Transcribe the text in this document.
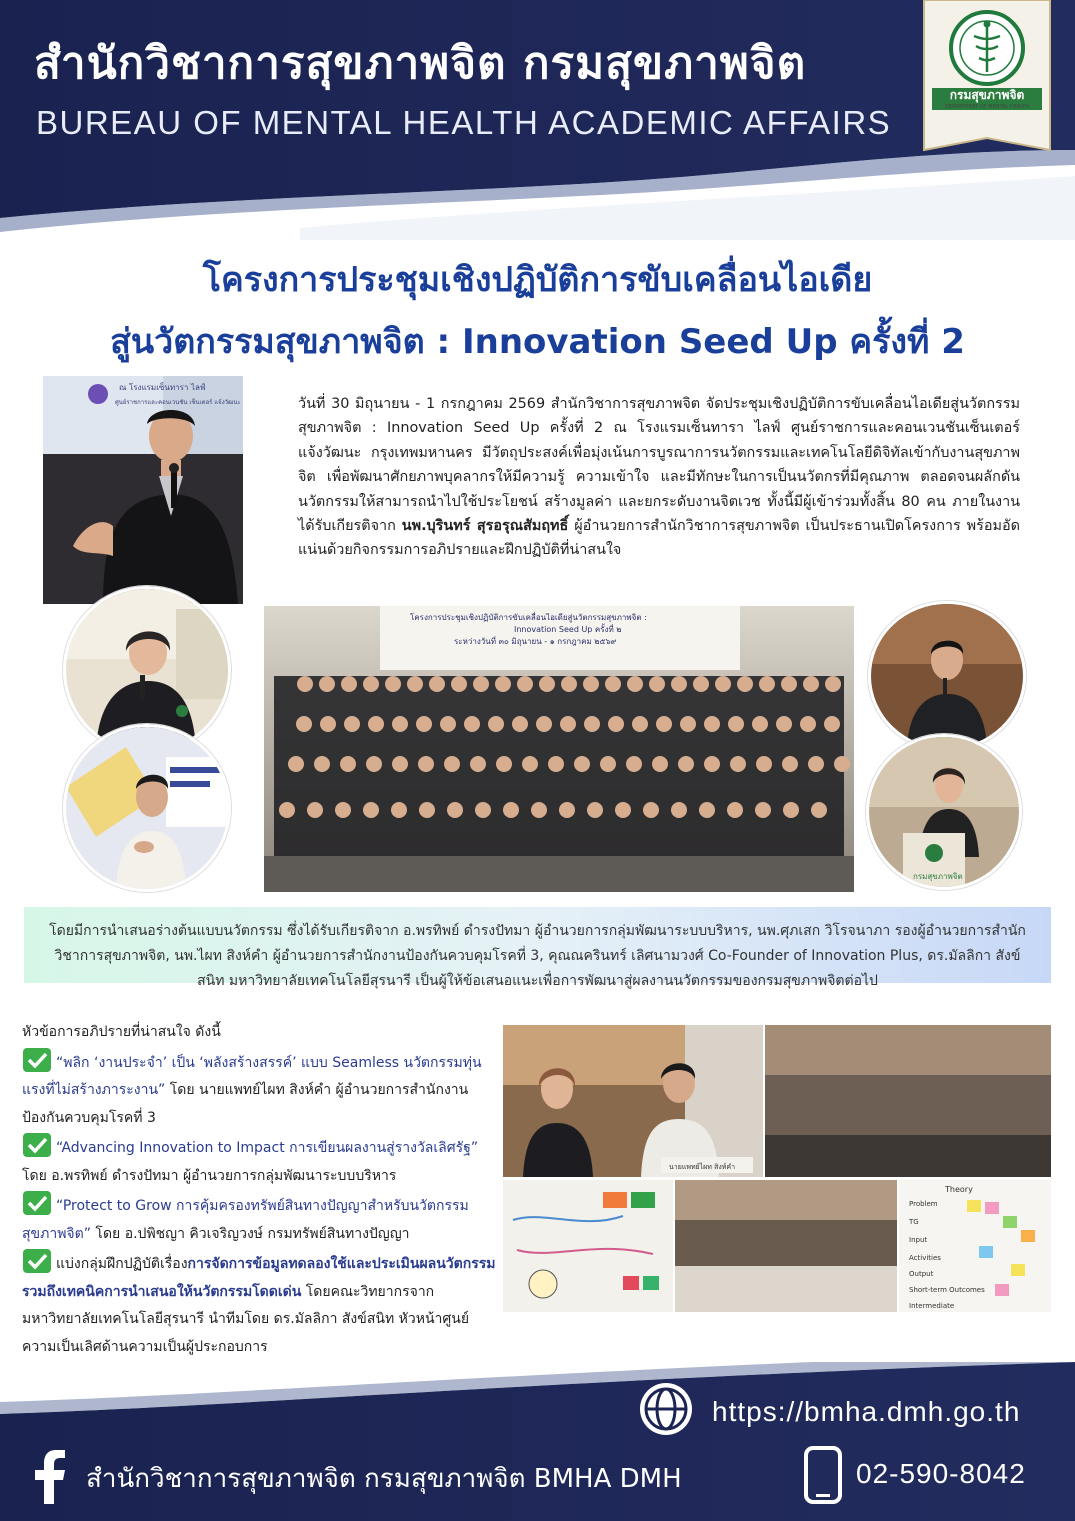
สำนักวิชาการสุขภาพจิต กรมสุขภาพจิต
BUREAU OF MENTAL HEALTH ACADEMIC AFFAIRS
กรมสุขภาพจิต
DEPARTMENT OF MENTAL HEALTH
โครงการประชุมเชิงปฏิบัติการขับเคลื่อนไอเดีย
สู่นวัตกรรมสุขภาพจิต : Innovation Seed Up ครั้งที่ 2
ณ โรงแรมเซ็นทารา ไลฟ์
ศูนย์ราชการและคอนเวนชัน เซ็นเตอร์ แจ้งวัฒนะ	วันที่ 30 มิถุนายน - 1 กรกฎาคม 2569 สำนักวิชาการสุขภาพจิต จัดประชุมเชิงปฏิบัติการขับเคลื่อนไอเดียสู่นวัตกรรมสุขภาพจิต : Innovation Seed Up ครั้งที่ 2 ณ โรงแรมเซ็นทารา ไลฟ์ ศูนย์ราชการและคอนเวนชันเซ็นเตอร์ แจ้งวัฒนะ กรุงเทพมหานคร มีวัตถุประสงค์เพื่อมุ่งเน้นการบูรณาการนวัตกรรมและเทคโนโลยีดิจิทัลเข้ากับงานสุขภาพจิต เพื่อพัฒนาศักยภาพบุคลากรให้มีความรู้ ความเข้าใจ และมีทักษะในการเป็นนวัตกรที่มีคุณภาพ ตลอดจนผลักดันนวัตกรรมให้สามารถนำไปใช้ประโยชน์ สร้างมูลค่า และยกระดับงานจิตเวช ทั้งนี้มีผู้เข้าร่วมทั้งสิ้น 80 คน ภายในงานได้รับเกียรติจาก นพ.บุรินทร์ สุรอรุณสัมฤทธิ์ ผู้อำนวยการสำนักวิชาการสุขภาพจิต เป็นประธานเปิดโครงการ พร้อมอัดแน่นด้วยกิจกรรมการอภิปรายและฝึกปฏิบัติที่น่าสนใจ
โครงการประชุมเชิงปฏิบัติการขับเคลื่อนไอเดียสู่นวัตกรรมสุขภาพจิต :
Innovation Seed Up ครั้งที่ ๒
ระหว่างวันที่ ๓๐ มิถุนายน - ๑ กรกฎาคม ๒๕๖๙
กรมสุขภาพจิต
โดยมีการนำเสนอร่างต้นแบบนวัตกรรม ซึ่งได้รับเกียรติจาก อ.พรทิพย์ ดำรงปัทมา ผู้อำนวยการกลุ่มพัฒนาระบบบริหาร, นพ.ศุภเสก วิโรจนาภา รองผู้อำนวยการสำนักวิชาการสุขภาพจิต, นพ.ไผท สิงห์คำ ผู้อำนวยการสำนักงานป้องกันควบคุมโรคที่ 3, คุณณครินทร์ เลิศนามวงศ์ Co-Founder of Innovation Plus, ดร.มัลลิกา สังข์สนิท มหาวิทยาลัยเทคโนโลยีสุรนารี เป็นผู้ให้ข้อเสนอแนะเพื่อการพัฒนาสู่ผลงานนวัตกรรมของกรมสุขภาพจิตต่อไป
หัวข้อการอภิปรายที่น่าสนใจ ดังนี้
“พลิก ‘งานประจำ’ เป็น ‘พลังสร้างสรรค์’ แบบ Seamless นวัตกรรมทุ่นแรงที่ไม่สร้างภาระงาน” โดย นายแพทย์ไผท สิงห์คำ ผู้อำนวยการสำนักงานป้องกันควบคุมโรคที่ 3
“Advancing Innovation to Impact การเขียนผลงานสู่รางวัลเลิศรัฐ” โดย อ.พรทิพย์ ดำรงปัทมา ผู้อำนวยการกลุ่มพัฒนาระบบบริหาร
“Protect to Grow การคุ้มครองทรัพย์สินทางปัญญาสำหรับนวัตกรรมสุขภาพจิต” โดย อ.ปพิชญา คิวเจริญวงษ์ กรมทรัพย์สินทางปัญญา
แบ่งกลุ่มฝึกปฏิบัติเรื่องการจัดการข้อมูลทดลองใช้และประเมินผลนวัตกรรม รวมถึงเทคนิคการนำเสนอให้นวัตกรรมโดดเด่น โดยคณะวิทยากรจากมหาวิทยาลัยเทคโนโลยีสุรนารี นำทีมโดย ดร.มัลลิกา สังข์สนิท หัวหน้าศูนย์ความเป็นเลิศด้านความเป็นผู้ประกอบการ
นายแพทย์ไผท สิงห์คำ
Theory
Problem
TG
Input
Activities
Output
Short-term Outcomes
Intermediate
https://bmha.dmh.go.th
สำนักวิชาการสุขภาพจิต กรมสุขภาพจิต BMHA DMH	02-590-8042
